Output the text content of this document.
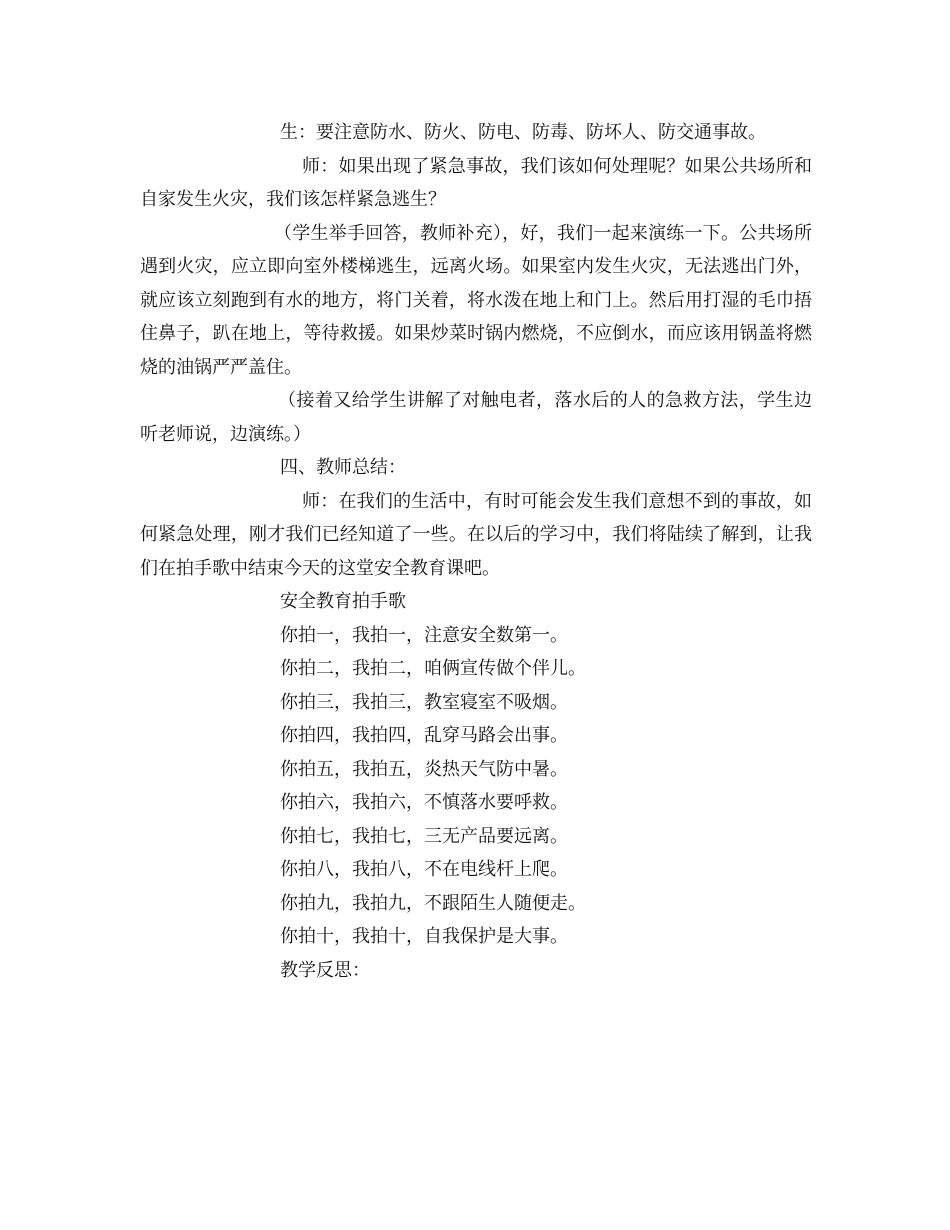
生：要注意防水、防火、防电、防毒、防坏人、防交通事故。

师：如果出现了紧急事故，我们该如何处理呢？如果公共场所和自家发生火灾，我们该怎样紧急逃生？

（学生举手回答，教师补充），好，我们一起来演练一下。公共场所遇到火灾，应立即向室外楼梯逃生，远离火场。如果室内发生火灾，无法逃出门外，就应该立刻跑到有水的地方，将门关着，将水泼在地上和门上。然后用打湿的毛巾捂住鼻子，趴在地上，等待救援。如果炒菜时锅内燃烧，不应倒水，而应该用锅盖将燃烧的油锅严严盖住。

（接着又给学生讲解了对触电者，落水后的人的急救方法，学生边听老师说，边演练。）

四、教师总结：

师：在我们的生活中，有时可能会发生我们意想不到的事故，如何紧急处理，刚才我们已经知道了一些。在以后的学习中，我们将陆续了解到，让我们在拍手歌中结束今天的这堂安全教育课吧。

安全教育拍手歌

你拍一，我拍一，注意安全数第一。

你拍二，我拍二，咱俩宣传做个伴儿。

你拍三，我拍三，教室寝室不吸烟。

你拍四，我拍四，乱穿马路会出事。

你拍五，我拍五，炎热天气防中暑。

你拍六，我拍六，不慎落水要呼救。

你拍七，我拍七，三无产品要远离。

你拍八，我拍八，不在电线杆上爬。

你拍九，我拍九，不跟陌生人随便走。

你拍十，我拍十，自我保护是大事。

教学反思：
